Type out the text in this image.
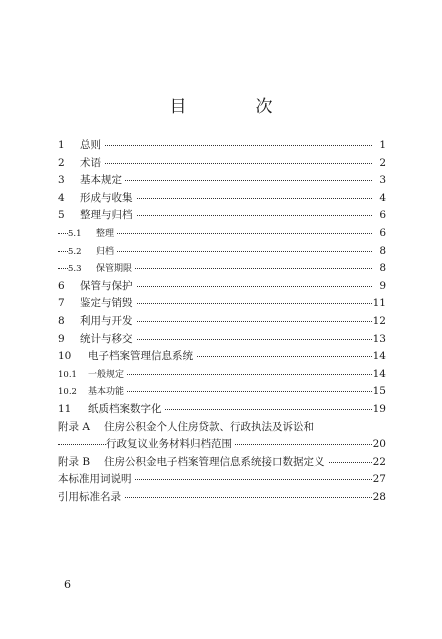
目　次
1 总则	1
2 术语	2
3 基本规定	3
4 形成与收集	4
5 整理与归档	6
5.1 整理	6
5.2 归档	8
5.3 保管期限	8
6 保管与保护	9
7 鉴定与销毁	11
8 利用与开发	12
9 统计与移交	13
10 电子档案管理信息系统	14
10.1 一般规定	14
10.2 基本功能	15
11 纸质档案数字化	19
附录 A 住房公积金个人住房贷款、行政执法及诉讼和
行政复议业务材料归档范围	20
附录 B 住房公积金电子档案管理信息系统接口数据定义	22
本标准用词说明	27
引用标准名录	28
6
